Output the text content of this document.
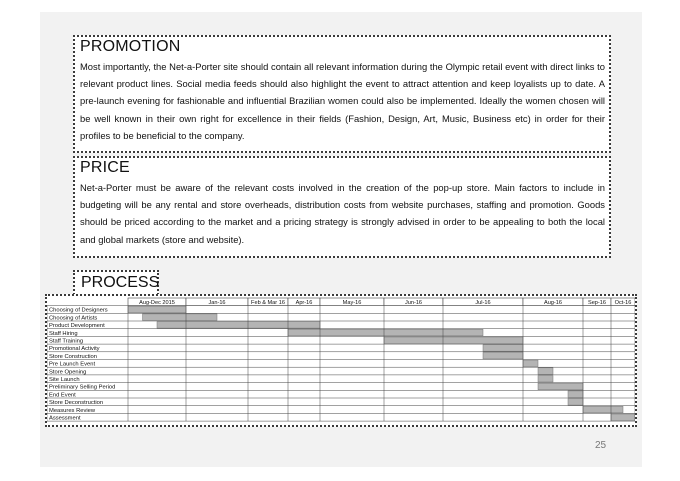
PROMOTION

Most importantly, the Net-a-Porter site should contain all relevant information during the Olympic retail event with direct links to relevant product lines. Social media feeds should also highlight the event to attract attention and keep loyalists up to date. A pre-launch evening for fashionable and influential Brazilian women could also be implemented. Ideally the women chosen will be well known in their own right for excellence in their fields (Fashion, Design, Art, Music, Business etc) in order for their profiles to be beneficial to the company.

PRICE

Net-a-Porter must be aware of the relevant costs involved in the creation of the pop-up store. Main factors to include in budgeting will be any rental and store overheads, distribution costs from website purchases, staffing and promotion. Goods should be priced according to the market and a pricing strategy is strongly advised in order to be appealing to both the local and global markets (store and website).

PROCESS
Aug-Dec 2015	Jan-16	Feb & Mar 16 Apr-16	May-16	Jun-16	Jul-16	Aug-16	Sep-16 Oct-16
Choosing of Designers
Choosing of Artists
Product Development
Staff Hiring
Staff Training
Promotional Activity
Store Construction
Pre Launch Event
Store Opening
Site Launch
Preliminary Selling Period
End Event
Store Deconstruction
Measures Review
Assessment
25
